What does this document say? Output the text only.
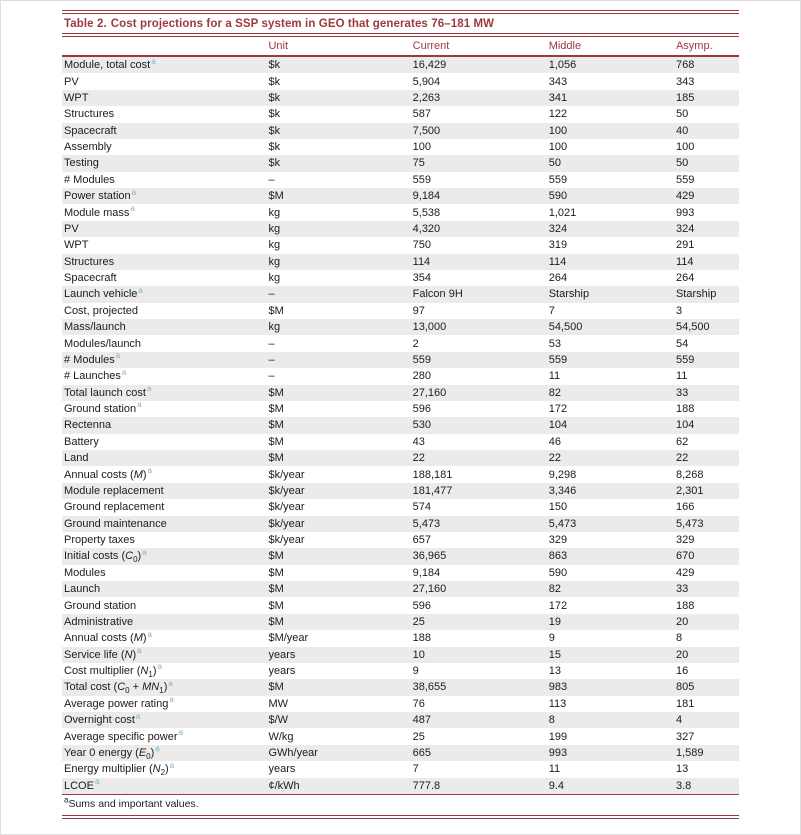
Table 2. Cost projections for a SSP system in GEO that generates 76–181 MW
	Unit	Current	Middle	Asymp.
Module, total cost$^a$	$k	16,429	1,056	768
PV	$k	5,904	343	343
WPT	$k	2,263	341	185
Structures	$k	587	122	50
Spacecraft	$k	7,500	100	40
Assembly	$k	100	100	100
Testing	$k	75	50	50
# Modules	–	559	559	559
Power station$^a$	$M	9,184	590	429
Module mass$^a$	kg	5,538	1,021	993
PV	kg	4,320	324	324
WPT	kg	750	319	291
Structures	kg	114	114	114
Spacecraft	kg	354	264	264
Launch vehicle$^a$	–	Falcon 9H	Starship	Starship
Cost, projected	$M	97	7	3
Mass/launch	kg	13,000	54,500	54,500
Modules/launch	–	2	53	54
# Modules$^a$	–	559	559	559
# Launches$^a$	–	280	11	11
Total launch cost$^a$	$M	27,160	82	33
Ground station$^a$	$M	596	172	188
Rectenna	$M	530	104	104
Battery	$M	43	46	62
Land	$M	22	22	22
Annual costs (M)$^a$	$k/year	188,181	9,298	8,268
Module replacement	$k/year	181,477	3,346	2,301
Ground replacement	$k/year	574	150	166
Ground maintenance	$k/year	5,473	5,473	5,473
Property taxes	$k/year	657	329	329
Initial costs $(C_0)^a$	$M	36,965	863	670
Modules	$M	9,184	590	429
Launch	$M	27,160	82	33
Ground station	$M	596	172	188
Administrative	$M	25	19	20
Annual costs (M)$^a$	$M/year	188	9	8
Service life (N)$^a$	years	10	15	20
Cost multiplier $(N_1)^a$	years	9	13	16
Total cost $(C_0 + MN_1)^a$	$M	38,655	983	805
Average power rating$^a$	MW	76	113	181
Overnight cost$^a$	$/W	487	8	4
Average specific power$^a$	W/kg	25	199	327
Year 0 energy $(E_0)^a$	GWh/year	665	993	1,589
Energy multiplier $(N_2)^a$	years	7	11	13
LCOE$^a$	¢/kWh	777.8	9.4	3.8
$^a$Sums and important values.
